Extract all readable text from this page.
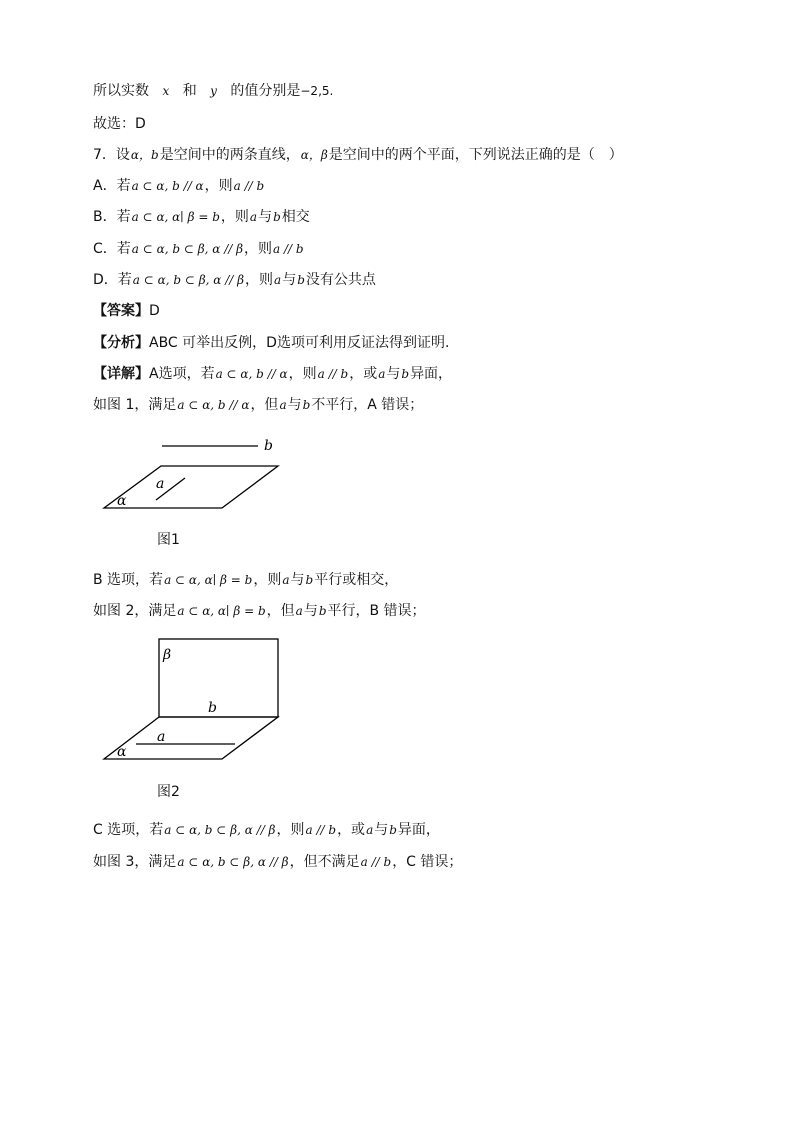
所以实数 x 和 y 的值分别是−2,5.
故选：D
7．设α，b是空间中的两条直线，α，β是空间中的两个平面，下列说法正确的是（　）
A．若a ⊂ α, b // α，则a // b
B．若a ⊂ α, α∣ β = b，则a与b相交
C．若a ⊂ α, b ⊂ β, α // β，则a // b
D．若a ⊂ α, b ⊂ β, α // β，则a与b没有公共点
【答案】D
【分析】ABC 可举出反例，D选项可利用反证法得到证明.
【详解】A选项，若a ⊂ α, b // α，则a // b，或a与b异面，
如图 1，满足a ⊂ α, b // α，但a与b不平行，A 错误；
b
a
α
图1
B 选项，若a ⊂ α, α∣ β = b，则a与b平行或相交，
如图 2，满足a ⊂ α, α∣ β = b，但a与b平行，B 错误；
β
b
a
α
图2
C 选项，若a ⊂ α, b ⊂ β, α // β，则a // b，或a与b异面，
如图 3，满足a ⊂ α, b ⊂ β, α // β，但不满足a // b，C 错误；
